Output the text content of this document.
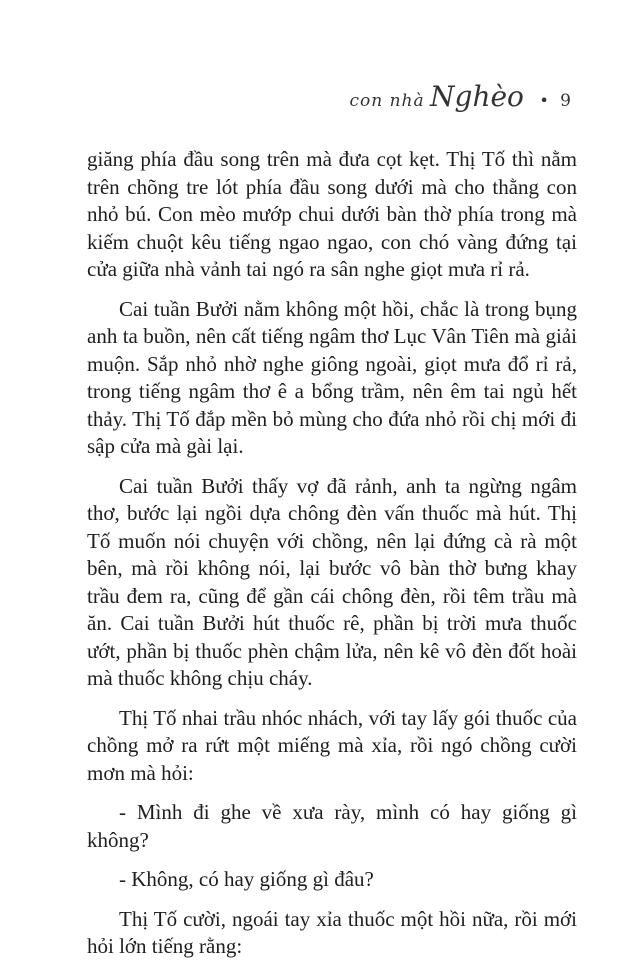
con nhà Nghèo • 9

giăng phía đầu song trên mà đưa cọt kẹt. Thị Tố thì nằm trên chõng tre lót phía đầu song dưới mà cho thằng con nhỏ bú. Con mèo mướp chui dưới bàn thờ phía trong mà kiếm chuột kêu tiếng ngao ngao, con chó vàng đứng tại cửa giữa nhà vảnh tai ngó ra sân nghe giọt mưa rỉ rả.

Cai tuần Bưởi nằm không một hồi, chắc là trong bụng anh ta buồn, nên cất tiếng ngâm thơ Lục Vân Tiên mà giải muộn. Sắp nhỏ nhờ nghe giông ngoài, giọt mưa đổ rỉ rả, trong tiếng ngâm thơ ê a bổng trầm, nên êm tai ngủ hết thảy. Thị Tố đắp mền bỏ mùng cho đứa nhỏ rồi chị mới đi sập cửa mà gài lại.

Cai tuần Bưởi thấy vợ đã rảnh, anh ta ngừng ngâm thơ, bước lại ngồi dựa chông đèn vấn thuốc mà hút. Thị Tố muốn nói chuyện với chồng, nên lại đứng cà rà một bên, mà rồi không nói, lại bước vô bàn thờ bưng khay trầu đem ra, cũng để gần cái chông đèn, rồi têm trầu mà ăn. Cai tuần Bưởi hút thuốc rê, phần bị trời mưa thuốc ướt, phần bị thuốc phèn chậm lửa, nên kê vô đèn đốt hoài mà thuốc không chịu cháy.

Thị Tố nhai trầu nhóc nhách, với tay lấy gói thuốc của chồng mở ra rứt một miếng mà xỉa, rồi ngó chồng cười mơn mà hỏi:

- Mình đi ghe về xưa rày, mình có hay giống gì không?

- Không, có hay giống gì đâu?

Thị Tố cười, ngoái tay xỉa thuốc một hồi nữa, rồi mới hỏi lớn tiếng rằng:
